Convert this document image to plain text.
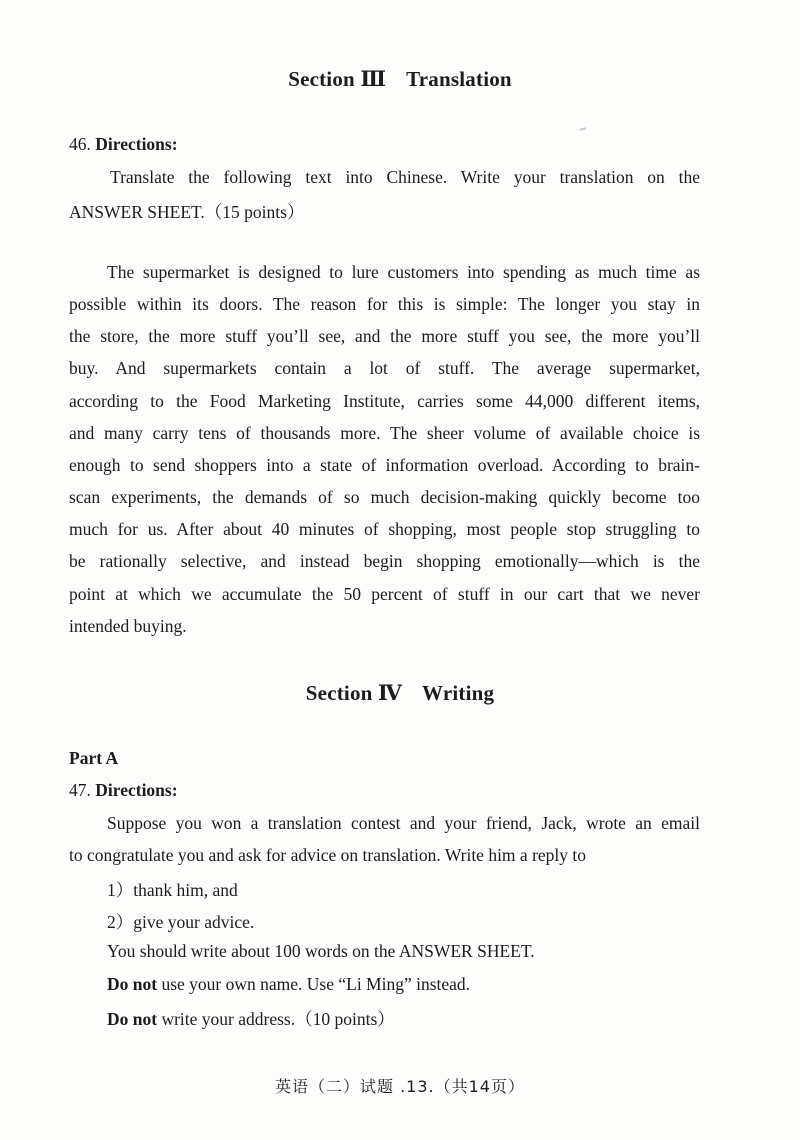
Section Ⅲ Translation
46. Directions:
Translate the following text into Chinese. Write your translation on the
ANSWER SHEET.（15 points）
The supermarket is designed to lure customers into spending as much time as
possible within its doors. The reason for this is simple: The longer you stay in
the store, the more stuff you’ll see, and the more stuff you see, the more you’ll
buy. And supermarkets contain a lot of stuff. The average supermarket,
according to the Food Marketing Institute, carries some 44,000 different items,
and many carry tens of thousands more. The sheer volume of available choice is
enough to send shoppers into a state of information overload. According to brain-
scan experiments, the demands of so much decision-making quickly become too
much for us. After about 40 minutes of shopping, most people stop struggling to
be rationally selective, and instead begin shopping emotionally—which is the
point at which we accumulate the 50 percent of stuff in our cart that we never
intended buying.
Section Ⅳ Writing
Part A
47. Directions:
Suppose you won a translation contest and your friend, Jack, wrote an email
to congratulate you and ask for advice on translation. Write him a reply to
1）thank him, and
2）give your advice.
You should write about 100 words on the ANSWER SHEET.
Do not use your own name. Use “Li Ming” instead.
Do not write your address.（10 points）
英语（二）试题 .13.（共14页）
